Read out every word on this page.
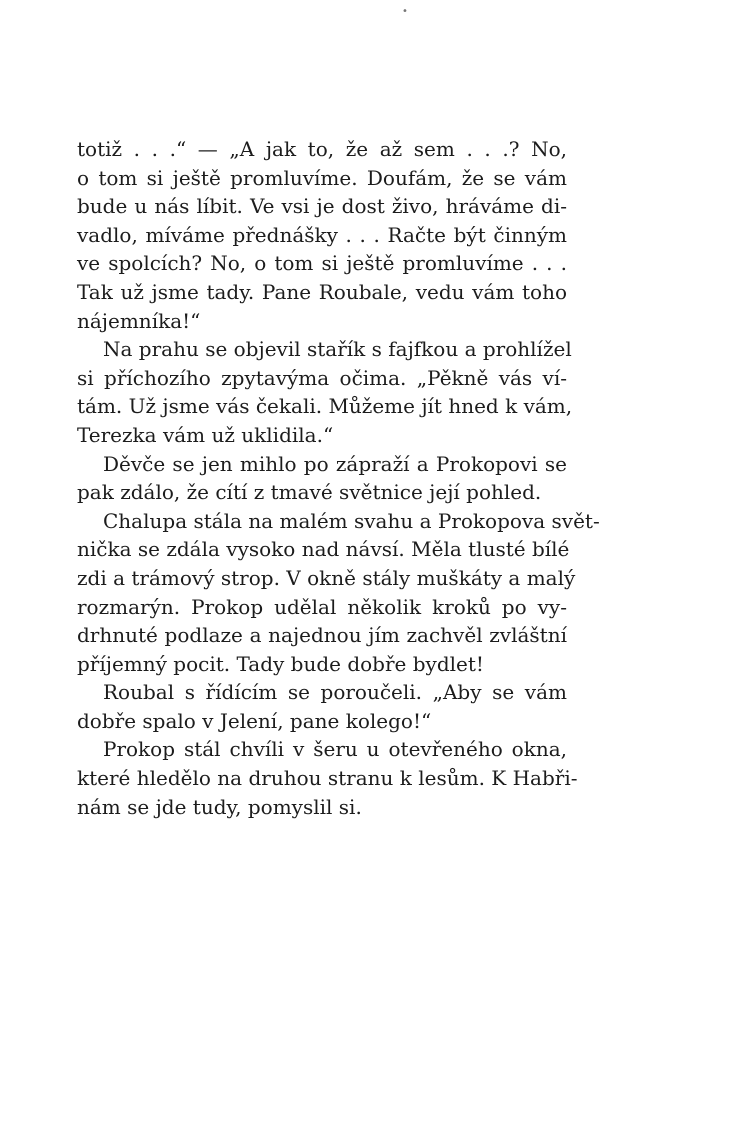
•
totiž . . .“ — „A jak to, že až sem . . .? No,
o tom si ještě promluvíme. Doufám, že se vám
bude u nás líbit. Ve vsi je dost živo, hráváme di-
vadlo, míváme přednášky . . . Račte být činným
ve spolcích? No, o tom si ještě promluvíme . . .
Tak už jsme tady. Pane Roubale, vedu vám toho
nájemníka!“
Na prahu se objevil stařík s fajfkou a prohlížel
si příchozího zpytavýma očima. „Pěkně vás ví-
tám. Už jsme vás čekali. Můžeme jít hned k vám,
Terezka vám už uklidila.“
Děvče se jen mihlo po zápraží a Prokopovi se
pak zdálo, že cítí z tmavé světnice její pohled.
Chalupa stála na malém svahu a Prokopova svět-
nička se zdála vysoko nad návsí. Měla tlusté bílé
zdi a trámový strop. V okně stály muškáty a malý
rozmarýn. Prokop udělal několik kroků po vy-
drhnuté podlaze a najednou jím zachvěl zvláštní
příjemný pocit. Tady bude dobře bydlet!
Roubal s řídícím se poroučeli. „Aby se vám
dobře spalo v Jelení, pane kolego!“
Prokop stál chvíli v šeru u otevřeného okna,
které hledělo na druhou stranu k lesům. K Habři-
nám se jde tudy, pomyslil si.
